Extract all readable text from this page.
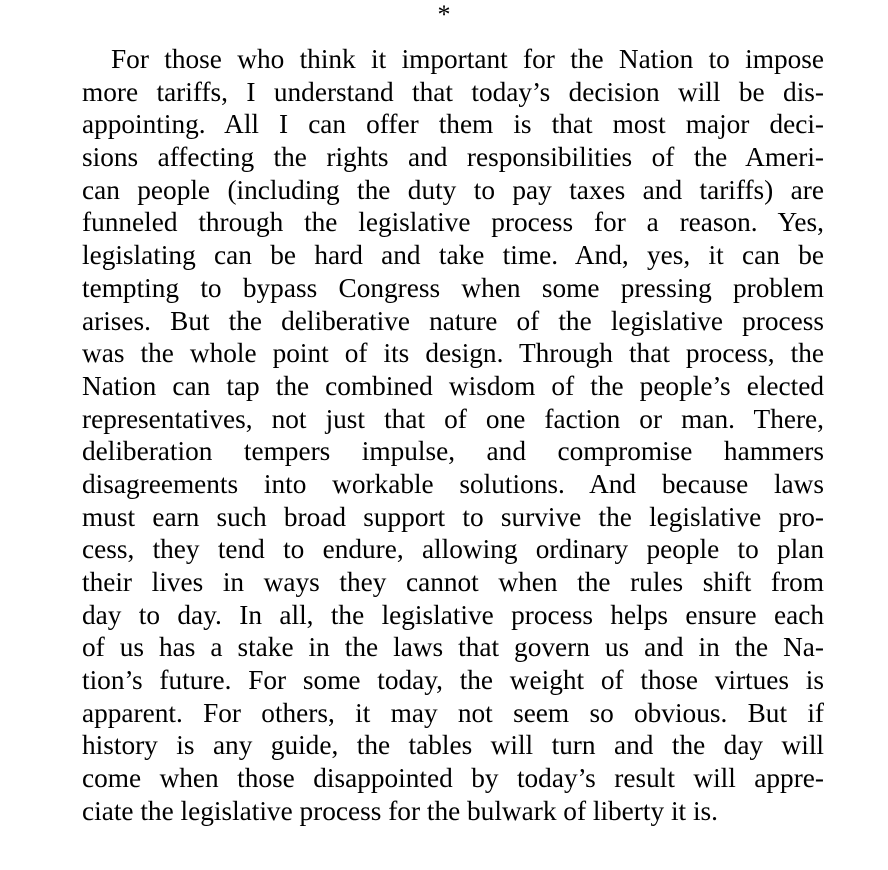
*
For those who think it important for the Nation to impose
more tariffs, I understand that today’s decision will be dis-
appointing. All I can offer them is that most major deci-
sions affecting the rights and responsibilities of the Ameri-
can people (including the duty to pay taxes and tariffs) are
funneled through the legislative process for a reason. Yes,
legislating can be hard and take time. And, yes, it can be
tempting to bypass Congress when some pressing problem
arises. But the deliberative nature of the legislative process
was the whole point of its design. Through that process, the
Nation can tap the combined wisdom of the people’s elected
representatives, not just that of one faction or man. There,
deliberation tempers impulse, and compromise hammers
disagreements into workable solutions. And because laws
must earn such broad support to survive the legislative pro-
cess, they tend to endure, allowing ordinary people to plan
their lives in ways they cannot when the rules shift from
day to day. In all, the legislative process helps ensure each
of us has a stake in the laws that govern us and in the Na-
tion’s future. For some today, the weight of those virtues is
apparent. For others, it may not seem so obvious. But if
history is any guide, the tables will turn and the day will
come when those disappointed by today’s result will appre-
ciate the legislative process for the bulwark of liberty it is.
